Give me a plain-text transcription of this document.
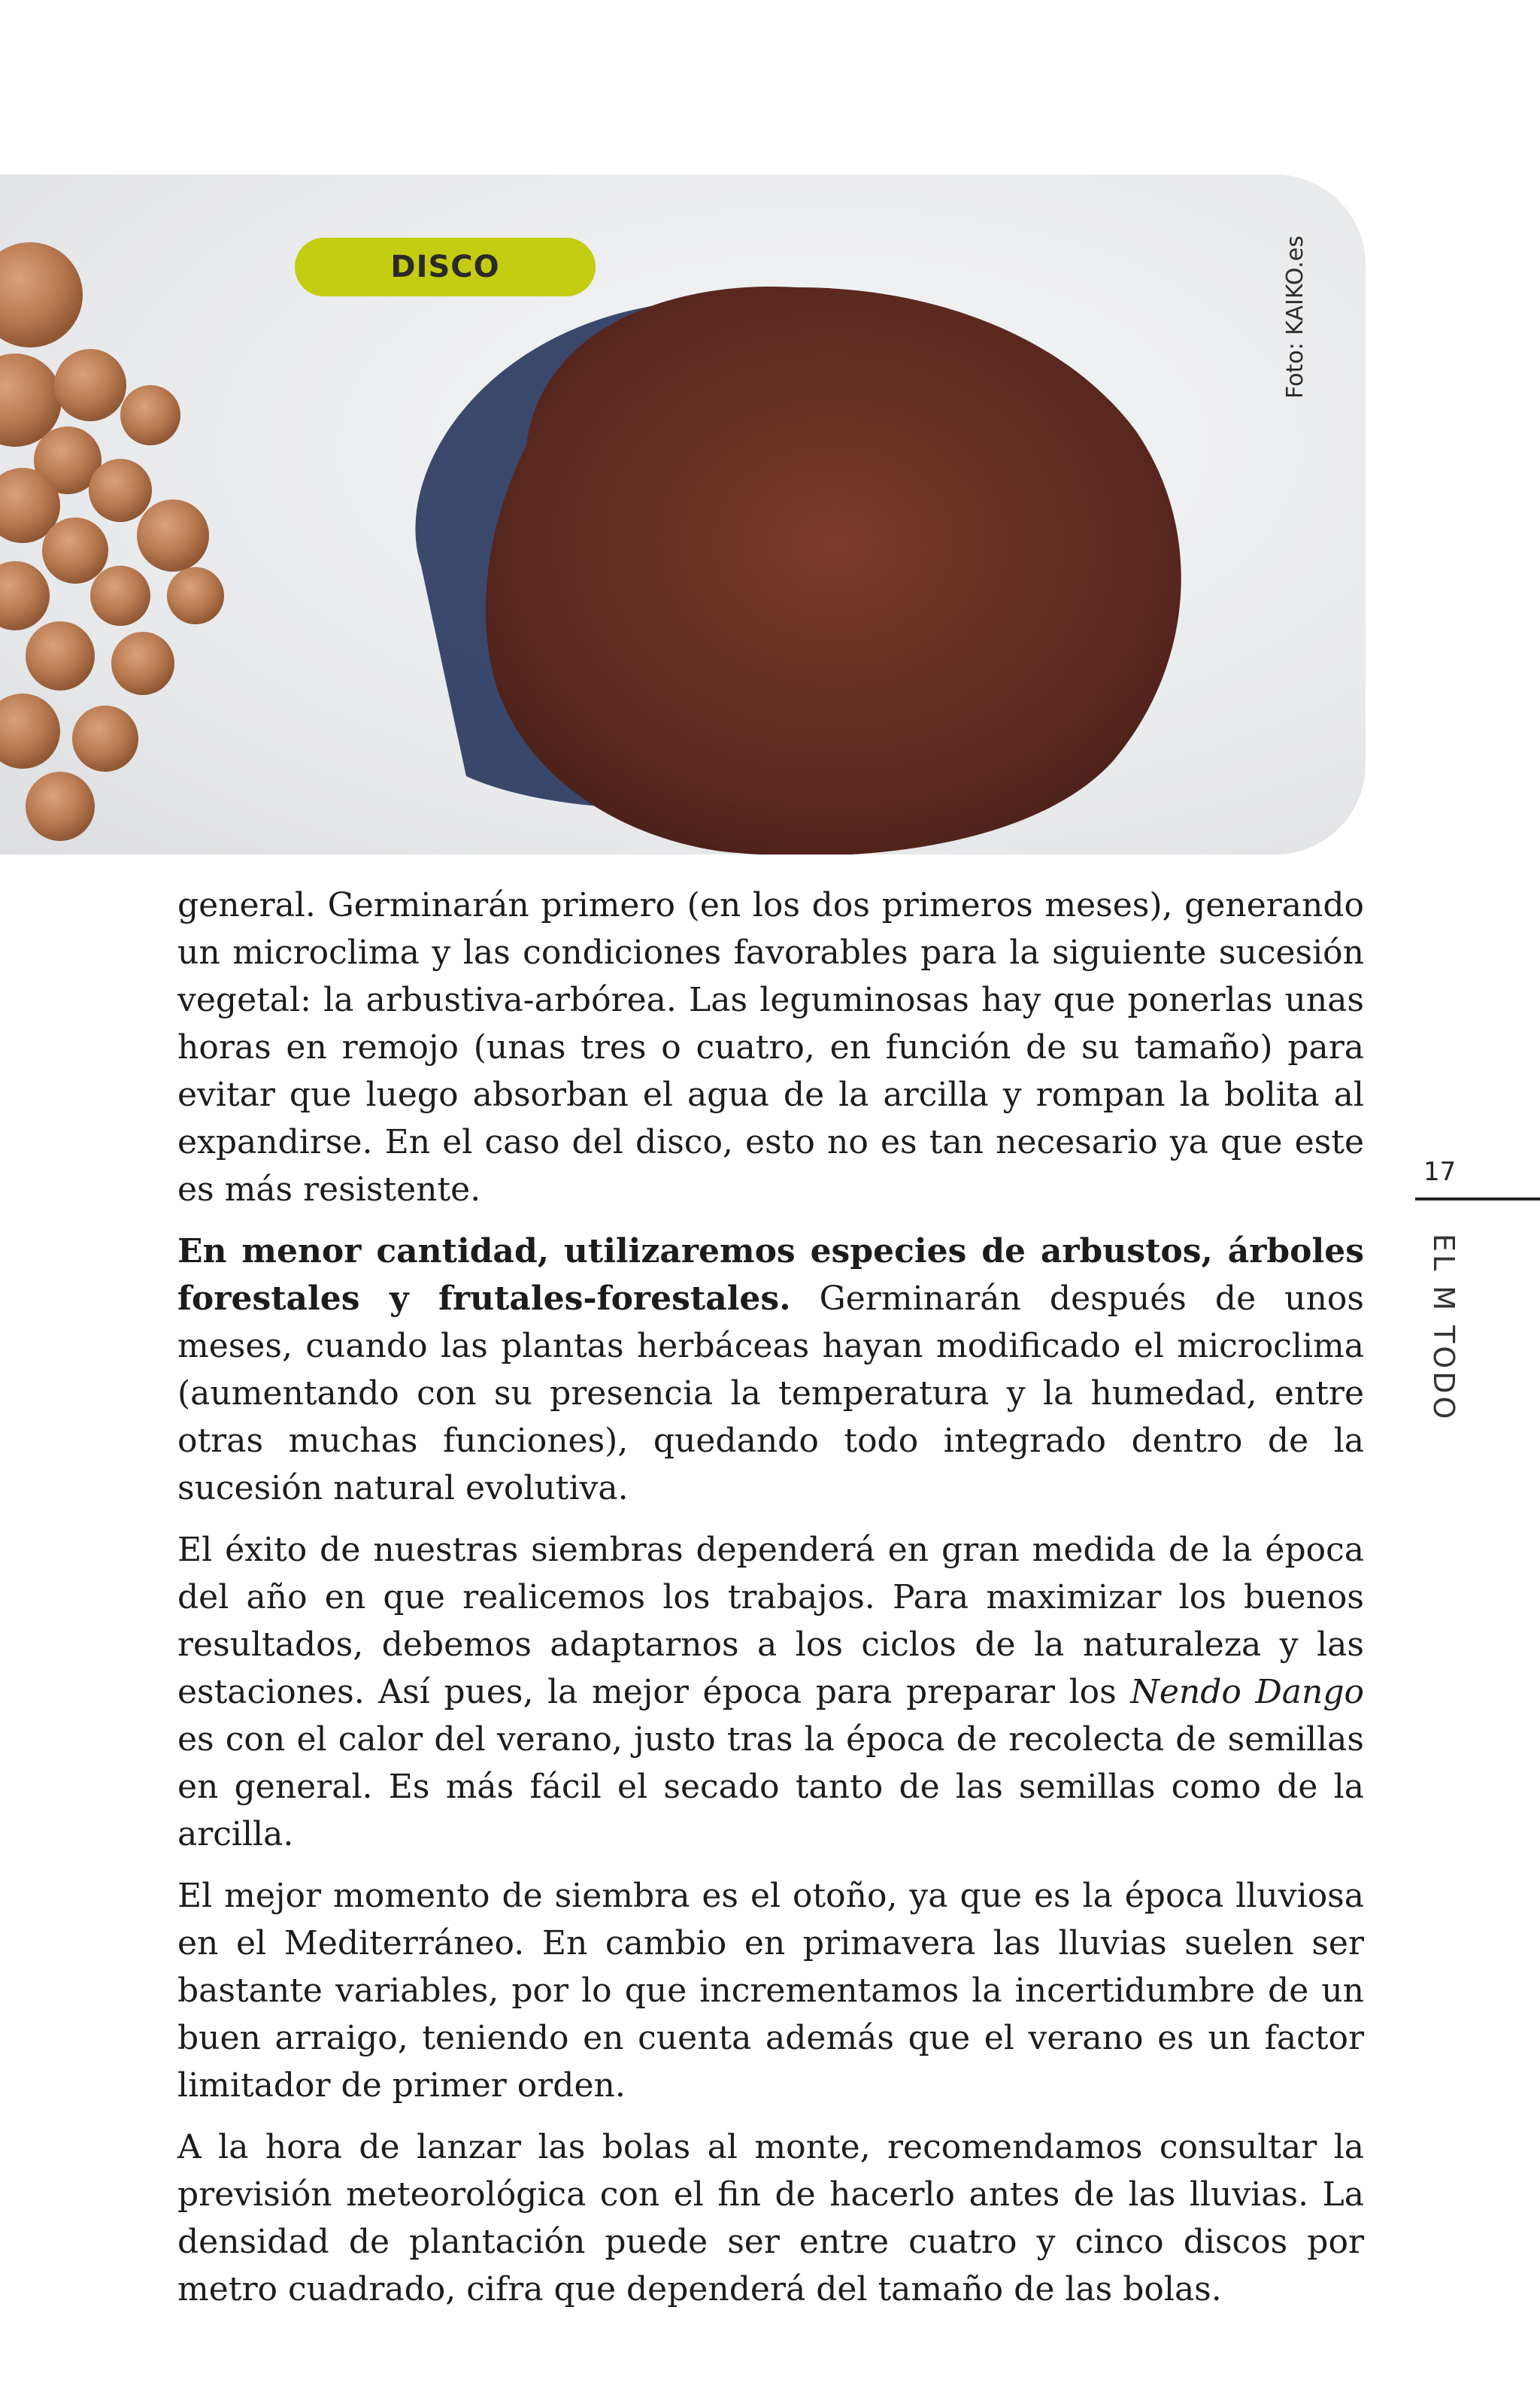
DISCO	Foto: KAIKO.es

general. Germinarán primero (en los dos primeros meses), generando un microclima y las condiciones favorables para la siguiente sucesión vegetal: la arbustiva-arbórea. Las leguminosas hay que ponerlas unas horas en remojo (unas tres o cuatro, en función de su tamaño) para evitar que luego absorban el agua de la arcilla y rompan la bolita al expandirse. En el caso del disco, esto no es tan necesario ya que este es más resistente.

En menor cantidad, utilizaremos especies de arbustos, árboles forestales y frutales-forestales. Germinarán después de unos meses, cuando las plantas herbáceas hayan modificado el microclima (aumentando con su presencia la temperatura y la humedad, entre otras muchas funciones), quedando todo integrado dentro de la sucesión natural evolutiva.

El éxito de nuestras siembras dependerá en gran medida de la época del año en que realicemos los trabajos. Para maximizar los buenos resultados, debemos adaptarnos a los ciclos de la naturaleza y las estaciones. Así pues, la mejor época para preparar los Nendo Dango es con el calor del verano, justo tras la época de recolecta de semillas en general. Es más fácil el secado tanto de las semillas como de la arcilla.

El mejor momento de siembra es el otoño, ya que es la época lluviosa en el Mediterráneo. En cambio en primavera las lluvias suelen ser bastante variables, por lo que incrementamos la incertidumbre de un buen arraigo, teniendo en cuenta además que el verano es un factor limitador de primer orden.

A la hora de lanzar las bolas al monte, recomendamos consultar la previsión meteorológica con el fin de hacerlo antes de las lluvias. La densidad de plantación puede ser entre cuatro y cinco discos por metro cuadrado, cifra que dependerá del tamaño de las bolas.

17
EL M TODO
